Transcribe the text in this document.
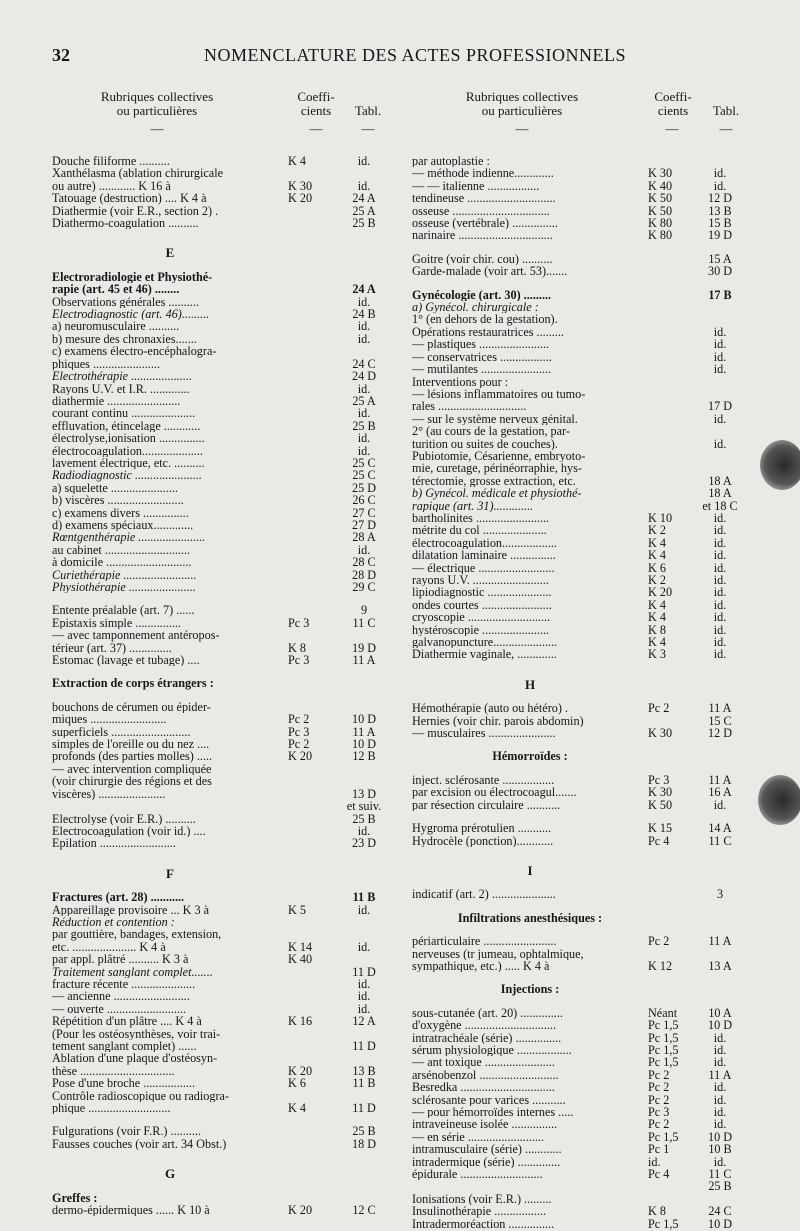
32	NOMENCLATURE DES ACTES PROFESSIONNELS
Rubriques collectives
ou particulières
Coeffi-
cients	Tabl.
—	—	—
Douche filiforme ..........	K 4	id.
Xanthélasma (ablation chirurgicale
ou autre) ............ K 16 à	K 30	id.
Tatouage (destruction) .... K 4 à	K 20	24 A
Diathermie (voir E.R., section 2) .	25 A
Diathermo-coagulation ..........	25 B
E
Electroradiologie et Physiothé-
rapie (art. 45 et 46) ........	24 A
Observations générales ..........	id.
Electrodiagnostic (art. 46).........	24 B
a) neuromusculaire ..........	id.
b) mesure des chronaxies.......	id.
c) examens électro-encéphalogra-
phiques ......................	24 C
Electrothérapie ....................	24 D
Rayons U.V. et I.R. .............	id.
diathermie ........................	25 A
courant continu .....................	id.
effluvation, étincelage ............	25 B
électrolyse,ionisation ...............	id.
électrocoagulation....................	id.
lavement électrique, etc. ..........	25 C
Radiodiagnostic ......................	25 C
a) squelette ......................	25 D
b) viscères .........................	26 C
c) examens divers ...............	27 C
d) examens spéciaux.............	27 D
Rœntgenthérapie ......................	28 A
au cabinet ............................	id.
à domicile ............................	28 C
Curiethérapie ........................	28 D
Physiothérapie ......................	29 C
Entente préalable (art. 7) ......	9
Epistaxis simple ...............	Pc 3	11 C
— avec tamponnement antéropos-
térieur (art. 37) ..............	K 8	19 D
Estomac (lavage et tubage) ....	Pc 3	11 A
Extraction de corps étrangers :
bouchons de cérumen ou épider-
miques .........................	Pc 2	10 D
superficiels ..........................	Pc 3	11 A
simples de l'oreille ou du nez ....	Pc 2	10 D
profonds (des parties molles) .....	K 20	12 B
— avec intervention compliquée
(voir chirurgie des régions et des
viscères) ......................	13 D
et suiv.
Electrolyse (voir E.R.) ..........	25 B
Electrocoagulation (voir id.) ....	id.
Epilation .........................	23 D
F
Fractures (art. 28) ...........	11 B
Appareillage provisoire ... K 3 à	K 5	id.
Réduction et contention :
par gouttière, bandages, extension,
etc. ..................... K 4 à	K 14	id.
par appl. plâtré .......... K 3 à	K 40
Traitement sanglant complet.......	11 D
fracture récente .....................	id.
— ancienne .........................	id.
— ouverte ..........................	id.
Répétition d'un plâtre .... K 4 à	K 16	12 A
(Pour les ostéosynthèses, voir trai-
tement sanglant complet) ......	11 D
Ablation d'une plaque d'ostéosyn-
thèse ...............................	K 20	13 B
Pose d'une broche .................	K 6	11 B
Contrôle radioscopique ou radiogra-
phique ...........................	K 4	11 D
Fulgurations (voir F.R.) ..........	25 B
Fausses couches (voir art. 34 Obst.)	18 D
G
Greffes :
dermo-épidermiques ...... K 10 à	K 20	12 C
Rubriques collectives
ou particulières
Coeffi-
cients	Tabl.
—	—	—
par autoplastie :
— méthode indienne.............	K 30	id.
— — italienne .................	K 40	id.
tendineuse .............................	K 50	12 D
osseuse ................................	K 50	13 B
osseuse (vertébrale) ...............	K 80	15 B
narinaire ...............................	K 80	19 D
Goitre (voir chir. cou) ..........	15 A
Garde-malade (voir art. 53).......	30 D
Gynécologie (art. 30) .........	17 B
a) Gynécol. chirurgicale :
1° (en dehors de la gestation).
Opérations restauratrices .........	id.
— plastiques .......................	id.
— conservatrices .................	id.
— mutilantes .......................	id.
Interventions pour :
— lésions inflammatoires ou tumo-
rales .............................	17 D
— sur le système nerveux génital.	id.
2° (au cours de la gestation, par-
turition ou suites de couches).	id.
Pubiotomie, Césarienne, embryoto-
mie, curetage, périnéorraphie, hys-
térectomie, grosse extraction, etc.	18 A
b) Gynécol. médicale et physiothé-	18 A
rapique (art. 31).............	et 18 C
bartholinites ........................	K 10	id.
métrite du col .....................	K 2	id.
électrocoagulation..................	K 4	id.
dilatation laminaire ...............	K 4	id.
— électrique .........................	K 6	id.
rayons U.V. .........................	K 2	id.
lipiodiagnostic .....................	K 20	id.
ondes courtes .......................	K 4	id.
cryoscopie ...........................	K 4	id.
hystéroscopie ......................	K 8	id.
galvanopuncture.....................	K 4	id.
Diathermie vaginale, .............	K 3	id.
H
Hémothérapie (auto ou hétéro) .	Pc 2	11 A
Hernies (voir chir. parois abdomin)	15 C
— musculaires ......................	K 30	12 D
Hémorroïdes :
inject. sclérosante .................	Pc 3	11 A
par excision ou électrocoagul.......	K 30	16 A
par résection circulaire ...........	K 50	id.
Hygroma prérotulien ...........	K 15	14 A
Hydrocèle (ponction)............	Pc 4	11 C
I
indicatif (art. 2) .....................	3
Infiltrations anesthésiques :
périarticulaire ........................	Pc 2	11 A
nerveuses (tr jumeau, ophtalmique,
sympathique, etc.) ..... K 4 à	K 12	13 A
Injections :
sous-cutanée (art. 20) ..............	Néant	10 A
d'oxygène ..............................	Pc 1,5	10 D
intratrachéale (série) ...............	Pc 1,5	id.
sérum physiologique ..................	Pc 1,5	id.
— ant toxique .......................	Pc 1,5	id.
arsénobenzol ..........................	Pc 2	11 A
Besredka ...............................	Pc 2	id.
sclérosante pour varices ...........	Pc 2	id.
— pour hémorroïdes internes .....	Pc 3	id.
intraveineuse isolée ...............	Pc 2	id.
— en série .........................	Pc 1,5	10 D
intramusculaire (série) ............	Pc 1	10 B
intradermique (série) ..............	id.	id.
épidurale ...........................	Pc 4	11 C
25 B
Ionisations (voir E.R.) .........
Insulinothérapie .................	K 8	24 C
Intradermoréaction ...............	Pc 1,5	10 D
